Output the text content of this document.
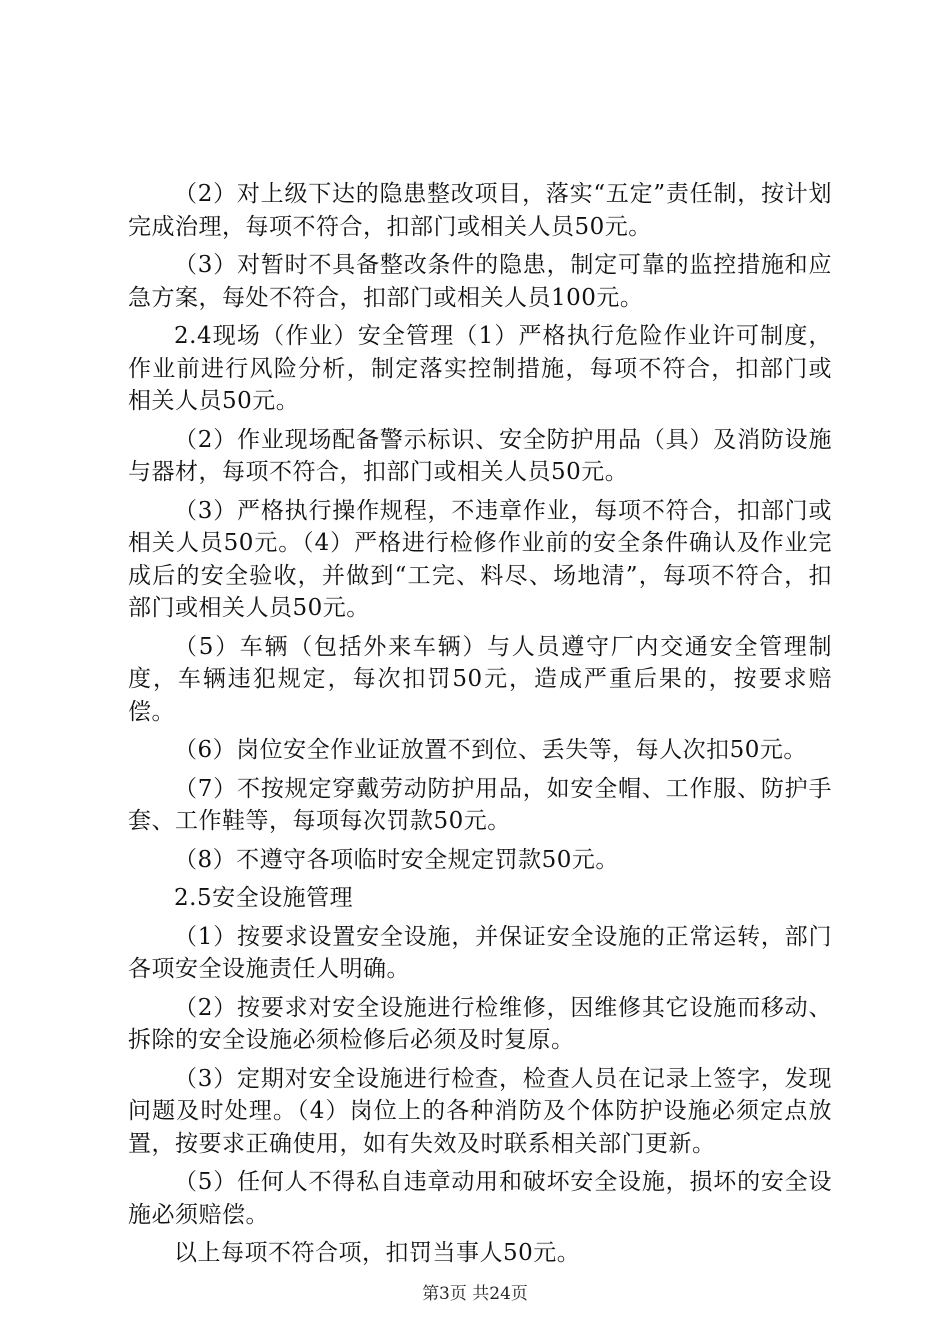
（2）对上级下达的隐患整改项目，落实“五定”责任制，按计划完成治理，每项不符合，扣部门或相关人员50元。

（3）对暂时不具备整改条件的隐患，制定可靠的监控措施和应急方案，每处不符合，扣部门或相关人员100元。

2.4现场（作业）安全管理（1）严格执行危险作业许可制度，作业前进行风险分析，制定落实控制措施，每项不符合，扣部门或相关人员50元。

（2）作业现场配备警示标识、安全防护用品（具）及消防设施与器材，每项不符合，扣部门或相关人员50元。

（3）严格执行操作规程，不违章作业，每项不符合，扣部门或相关人员50元。（4）严格进行检修作业前的安全条件确认及作业完成后的安全验收，并做到“工完、料尽、场地清”，每项不符合，扣部门或相关人员50元。

（5）车辆（包括外来车辆）与人员遵守厂内交通安全管理制度，车辆违犯规定，每次扣罚50元，造成严重后果的，按要求赔偿。

（6）岗位安全作业证放置不到位、丢失等，每人次扣50元。

（7）不按规定穿戴劳动防护用品，如安全帽、工作服、防护手套、工作鞋等，每项每次罚款50元。

（8）不遵守各项临时安全规定罚款50元。

2.5安全设施管理

（1）按要求设置安全设施，并保证安全设施的正常运转，部门各项安全设施责任人明确。

（2）按要求对安全设施进行检维修，因维修其它设施而移动、拆除的安全设施必须检修后必须及时复原。

（3）定期对安全设施进行检查，检查人员在记录上签字，发现问题及时处理。（4）岗位上的各种消防及个体防护设施必须定点放置，按要求正确使用，如有失效及时联系相关部门更新。

（5）任何人不得私自违章动用和破坏安全设施，损坏的安全设施必须赔偿。

以上每项不符合项，扣罚当事人50元。

第3页 共24页
